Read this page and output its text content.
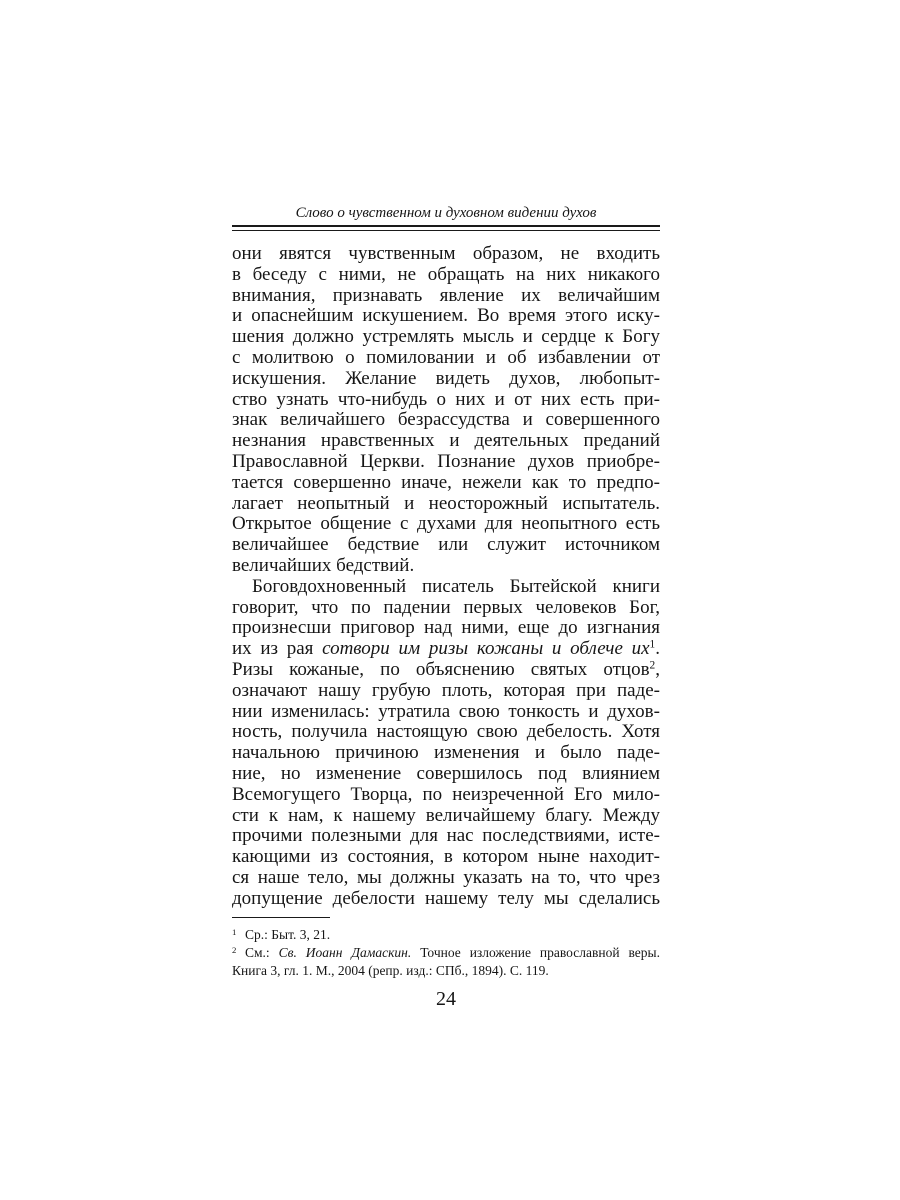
Слово о чувственном и духовном видении духов
они явятся чувственным образом, не входить
в беседу с ними, не обращать на них никакого
внимания, признавать явление их величайшим
и опаснейшим искушением. Во время этого иску-
шения должно устремлять мысль и сердце к Богу
с молитвою о помиловании и об избавлении от
искушения. Желание видеть духов, любопыт-
ство узнать что-нибудь о них и от них есть при-
знак величайшего безрассудства и совершенного
незнания нравственных и деятельных преданий
Православной Церкви. Познание духов приобре-
тается совершенно иначе, нежели как то предпо-
лагает неопытный и неосторожный испытатель.
Открытое общение с духами для неопытного есть
величайшее бедствие или служит источником
величайших бедствий.
Боговдохновенный писатель Бытейской книги
говорит, что по падении первых человеков Бог,
произнесши приговор над ними, еще до изгнания
их из рая сотвори им ризы кожаны и облече их$^1$.
Ризы кожаные, по объяснению святых отцов$^2$,
означают нашу грубую плоть, которая при паде-
нии изменилась: утратила свою тонкость и духов-
ность, получила настоящую свою дебелость. Хотя
начальною причиною изменения и было паде-
ние, но изменение совершилось под влиянием
Всемогущего Творца, по неизреченной Его мило-
сти к нам, к нашему величайшему благу. Между
прочими полезными для нас последствиями, исте-
кающими из состояния, в котором ныне находит-
ся наше тело, мы должны указать на то, что чрез
допущение дебелости нашему телу мы сделались
1 Ср.: Быт. 3, 21.
2 См.: Св. Иоанн Дамаскин. Точное изложение православной веры.
Книга 3, гл. 1. М., 2004 (репр. изд.: СПб., 1894). С. 119.
24
